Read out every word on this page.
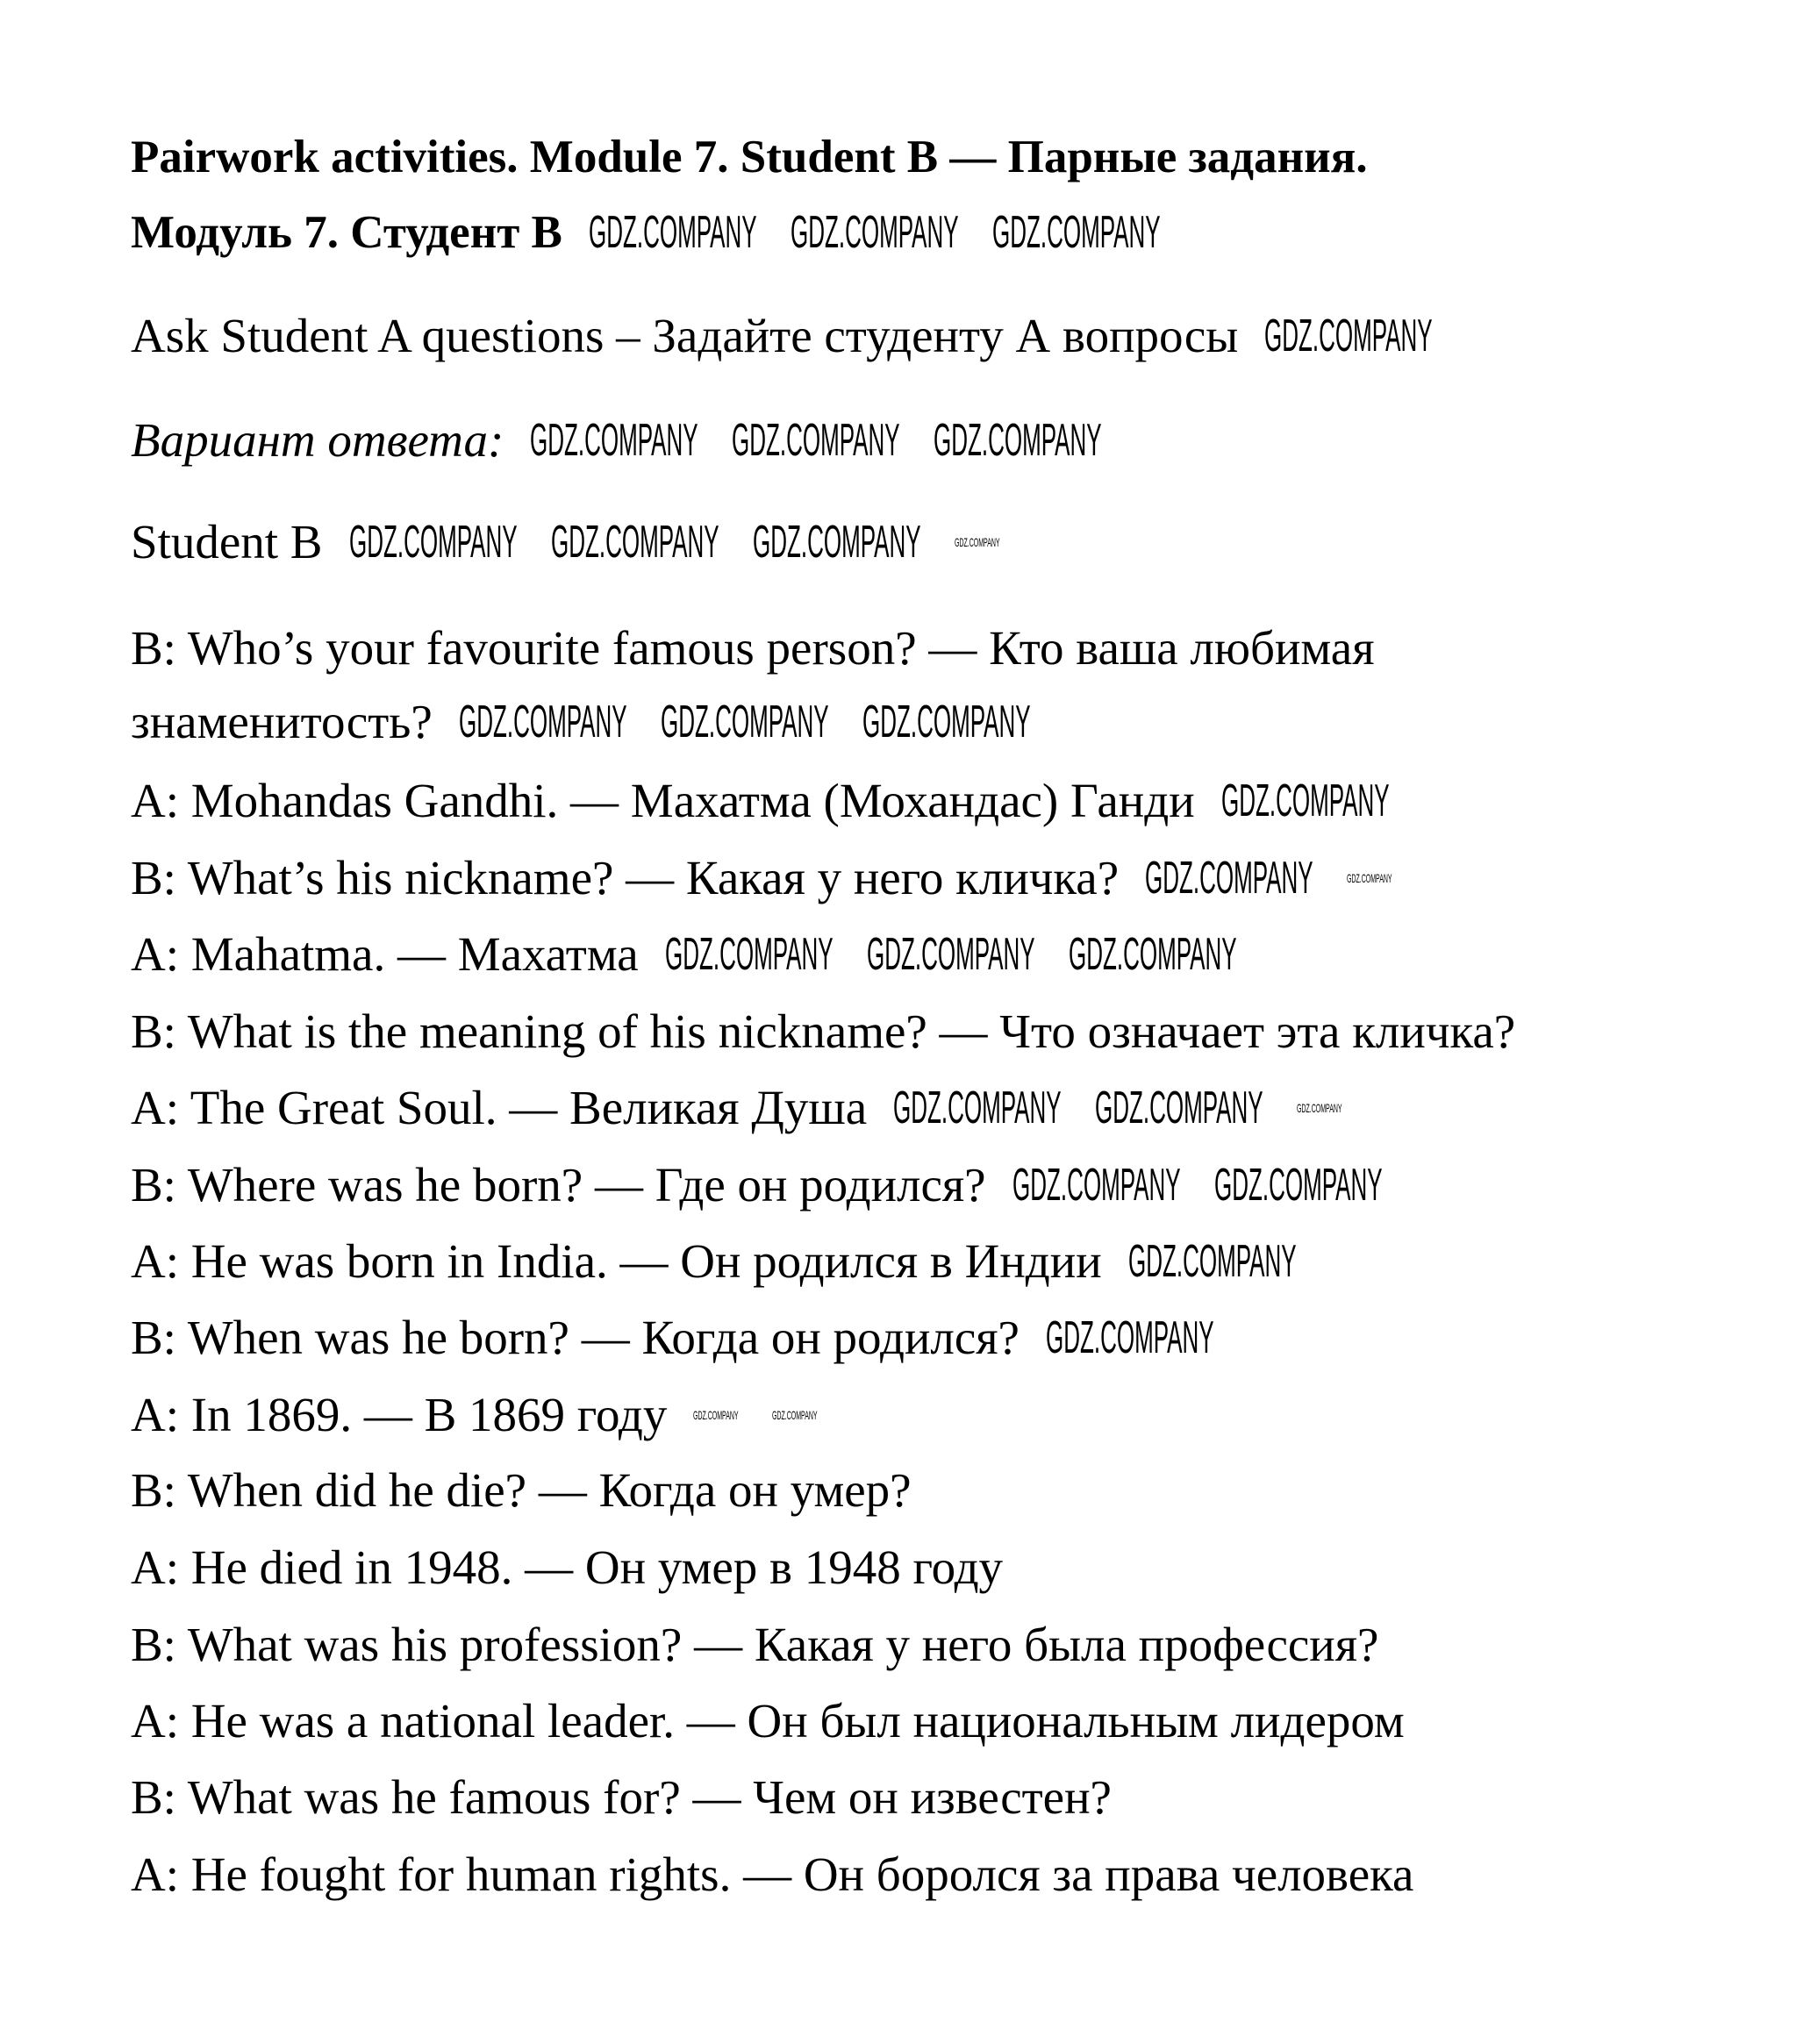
Pairwork activities. Module 7. Student B — Парные задания.
Модуль 7. Студент B GDZ.COMPANY GDZ.COMPANY GDZ.COMPANY
Ask Student A questions – Задайте студенту А вопросы GDZ.COMPANY
Вариант ответа: GDZ.COMPANY GDZ.COMPANY GDZ.COMPANY
Student B GDZ.COMPANY GDZ.COMPANY GDZ.COMPANY	GDZ.COMPANY
B: Who’s your favourite famous person? — Кто ваша любимая
знаменитость? GDZ.COMPANY GDZ.COMPANY GDZ.COMPANY
A: Mohandas Gandhi. — Махатма (Мохандас) Ганди GDZ.COMPANY
B: What’s his nickname? — Какая у него кличка? GDZ.COMPANY	GDZ.COMPANY
A: Mahatma. — Махатма GDZ.COMPANY GDZ.COMPANY GDZ.COMPANY
B: What is the meaning of his nickname? — Что означает эта кличка?
A: The Great Soul. — Великая Душа GDZ.COMPANY GDZ.COMPANY	GDZ.COMPANY
B: Where was he born? — Где он родился? GDZ.COMPANY GDZ.COMPANY
A: He was born in India. — Он родился в Индии GDZ.COMPANY
B: When was he born? — Когда он родился? GDZ.COMPANY
A: In 1869. — В 1869 году GDZ.COMPANY	GDZ.COMPANY
B: When did he die? — Когда он умер?
A: He died in 1948. — Он умер в 1948 году
B: What was his profession? — Какая у него была профессия?
A: He was a national leader. — Он был национальным лидером
B: What was he famous for? — Чем он известен?
A: He fought for human rights. — Он боролся за права человека
